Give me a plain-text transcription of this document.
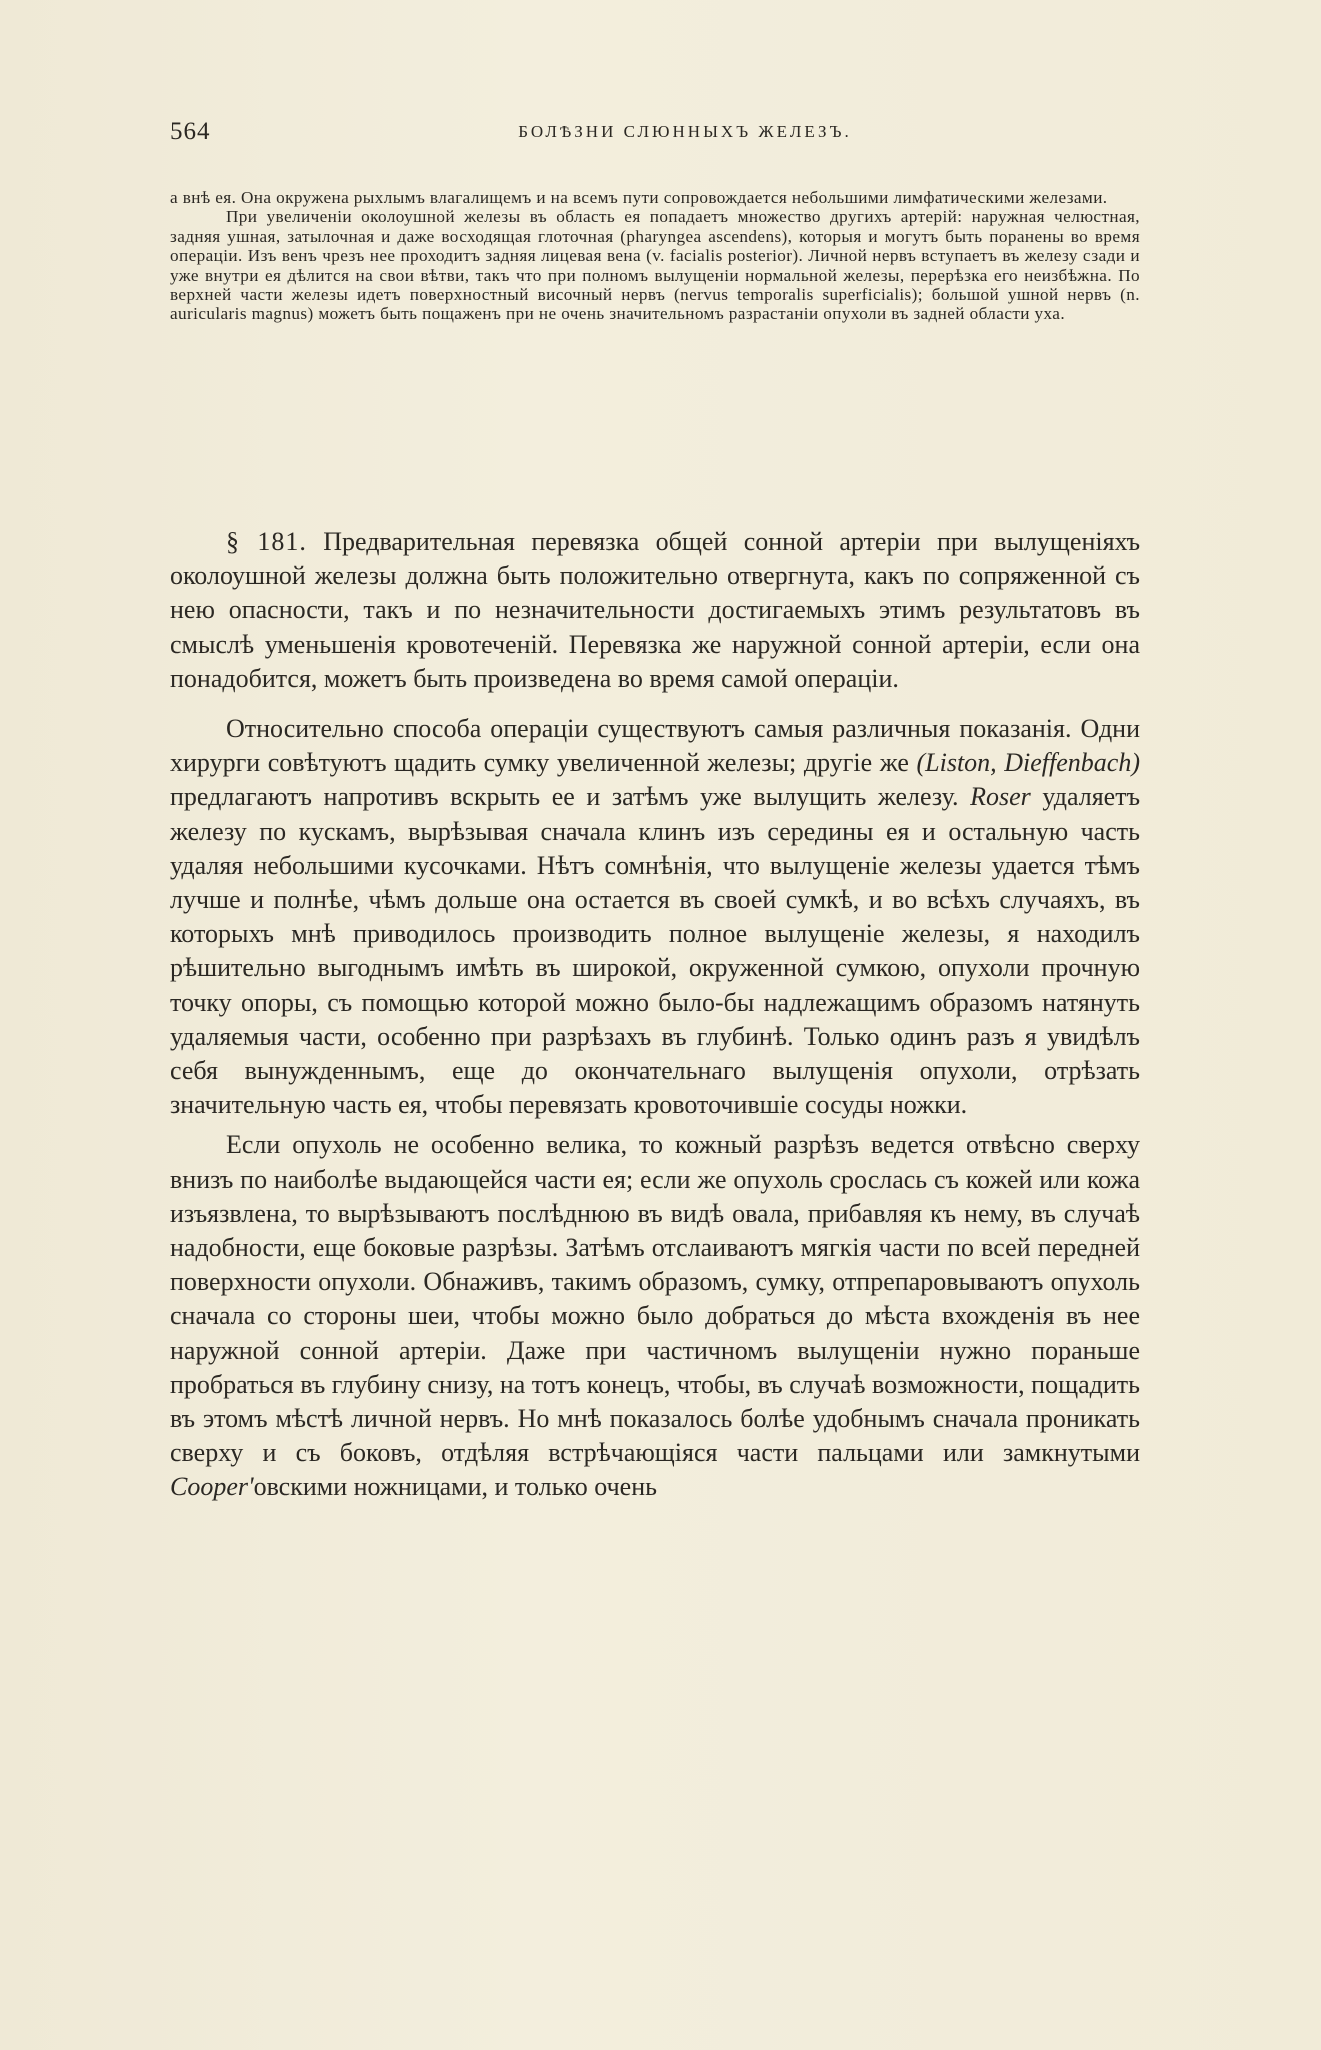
564	БОЛѢЗНИ СЛЮННЫХЪ ЖЕЛЕЗЪ.

а внѣ ея. Она окружена рыхлымъ влагалищемъ и на всемъ пути сопровождается небольшими лимфатическими железами.

При увеличеніи околоушной железы въ область ея попадаетъ множество другихъ артерій: наружная челюстная, задняя ушная, затылочная и даже восходящая глоточная (pharyngea ascendens), которыя и могутъ быть поранены во время операціи. Изъ венъ чрезъ нее проходитъ задняя лицевая вена (v. facialis posterior). Личной нервъ вступаетъ въ железу сзади и уже внутри ея дѣлится на свои вѣтви, такъ что при полномъ вылущеніи нормальной железы, перерѣзка его неизбѣжна. По верхней части железы идетъ поверхностный височный нервъ (nervus temporalis superficialis); большой ушной нервъ (n. auricularis magnus) можетъ быть пощаженъ при не очень значительномъ разрастаніи опухоли въ задней области уха.

§ 181. Предварительная перевязка общей сонной артеріи при вылущеніяхъ околоушной железы должна быть положительно отвергнута, какъ по сопряженной съ нею опасности, такъ и по незначительности достигаемыхъ этимъ результатовъ въ смыслѣ уменьшенія кровотеченій. Перевязка же наружной сонной артеріи, если она понадобится, можетъ быть произведена во время самой операціи.

Относительно способа операціи существуютъ самыя различныя показанія. Одни хирурги совѣтуютъ щадить сумку увеличенной железы; другіе же (Liston, Dieffenbach) предлагаютъ напротивъ вскрыть ее и затѣмъ уже вылущить железу. Roser удаляетъ железу по кускамъ, вырѣзывая сначала клинъ изъ середины ея и остальную часть удаляя небольшими кусочками. Нѣтъ сомнѣнія, что вылущеніе железы удается тѣмъ лучше и полнѣе, чѣмъ дольше она остается въ своей сумкѣ, и во всѣхъ случаяхъ, въ которыхъ мнѣ приводилось производить полное вылущеніе железы, я находилъ рѣшительно выгоднымъ имѣть въ широкой, окруженной сумкою, опухоли прочную точку опоры, съ помощью которой можно было-бы надлежащимъ образомъ натянуть удаляемыя части, особенно при разрѣзахъ въ глубинѣ. Только одинъ разъ я увидѣлъ себя вынужденнымъ, еще до окончательнаго вылущенія опухоли, отрѣзать значительную часть ея, чтобы перевязать кровоточившіе сосуды ножки.

Если опухоль не особенно велика, то кожный разрѣзъ ведется отвѣсно сверху внизъ по наиболѣе выдающейся части ея; если же опухоль срослась съ кожей или кожа изъязвлена, то вырѣзываютъ послѣднюю въ видѣ овала, прибавляя къ нему, въ случаѣ надобности, еще боковые разрѣзы. Затѣмъ отслаиваютъ мягкія части по всей передней поверхности опухоли. Обнаживъ, такимъ образомъ, сумку, отпрепаровываютъ опухоль сначала со стороны шеи, чтобы можно было добраться до мѣста вхожденія въ нее наружной сонной артеріи. Даже при частичномъ вылущеніи нужно пораньше пробраться въ глубину снизу, на тотъ конецъ, чтобы, въ случаѣ возможности, пощадить въ этомъ мѣстѣ личной нервъ. Но мнѣ показалось болѣе удобнымъ сначала проникать сверху и съ боковъ, отдѣляя встрѣчающіяся части пальцами или замкнутыми Cooper'овскими ножницами, и только очень
